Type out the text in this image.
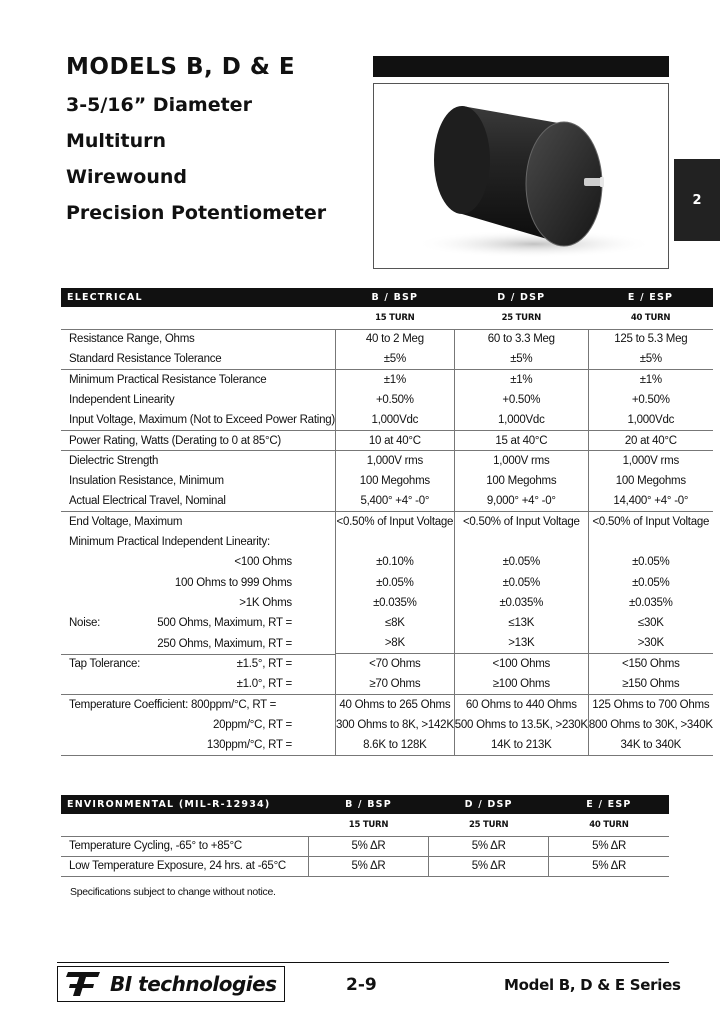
MODELS B, D & E
3-5/16” Diameter
Multiturn
Wirewound
Precision Potentiometer
2
ELECTRICAL	B / BSP	D / DSP	E / ESP
	15 TURN	25 TURN	40 TURN
Resistance Range, Ohms	40 to 2 Meg	60 to 3.3 Meg	125 to 5.3 Meg
Standard Resistance Tolerance	±5%	±5%	±5%
Minimum Practical Resistance Tolerance	±1%	±1%	±1%
Independent Linearity	+0.50%	+0.50%	+0.50%
Input Voltage, Maximum (Not to Exceed Power Rating)	1,000Vdc	1,000Vdc	1,000Vdc
Power Rating, Watts (Derating to 0 at 85°C)	10 at 40°C	15 at 40°C	20 at 40°C
Dielectric Strength	1,000V rms	1,000V rms	1,000V rms
Insulation Resistance, Minimum	100 Megohms	100 Megohms	100 Megohms
Actual Electrical Travel, Nominal	5,400° +4° -0°	9,000° +4° -0°	14,400° +4° -0°
End Voltage, Maximum	<0.50% of Input Voltage	<0.50% of Input Voltage	<0.50% of Input Voltage
Minimum Practical Independent Linearity:			
<100 Ohms	±0.10%	±0.05%	±0.05%
100 Ohms to 999 Ohms	±0.05%	±0.05%	±0.05%
>1K Ohms	±0.035%	±0.035%	±0.035%

Noise:	500 Ohms, Maximum, RT =	≤8K	≤13K	≤30K
250 Ohms, Maximum, RT =	>8K	>13K	>30K

Tap Tolerance:	±1.5°, RT =	<70 Ohms	<100 Ohms	<150 Ohms
±1.0°, RT =	≥70 Ohms	≥100 Ohms	≥150 Ohms
Temperature Coefficient: 800ppm/°C, RT =	40 Ohms to 265 Ohms	60 Ohms to 440 Ohms	125 Ohms to 700 Ohms
20ppm/°C, RT =	300 Ohms to 8K, >142K	500 Ohms to 13.5K, >230K	800 Ohms to 30K, >340K
130ppm/°C, RT =	8.6K to 128K	14K to 213K	34K to 340K
ENVIRONMENTAL (MIL-R-12934)	B / BSP	D / DSP	E / ESP
	15 TURN	25 TURN	40 TURN
Temperature Cycling, -65° to +85°C	5% ΔR	5% ΔR	5% ΔR
Low Temperature Exposure, 24 hrs. at -65°C	5% ΔR	5% ΔR	5% ΔR
Specifications subject to change without notice.
BI technologies	2-9	Model B, D & E Series
